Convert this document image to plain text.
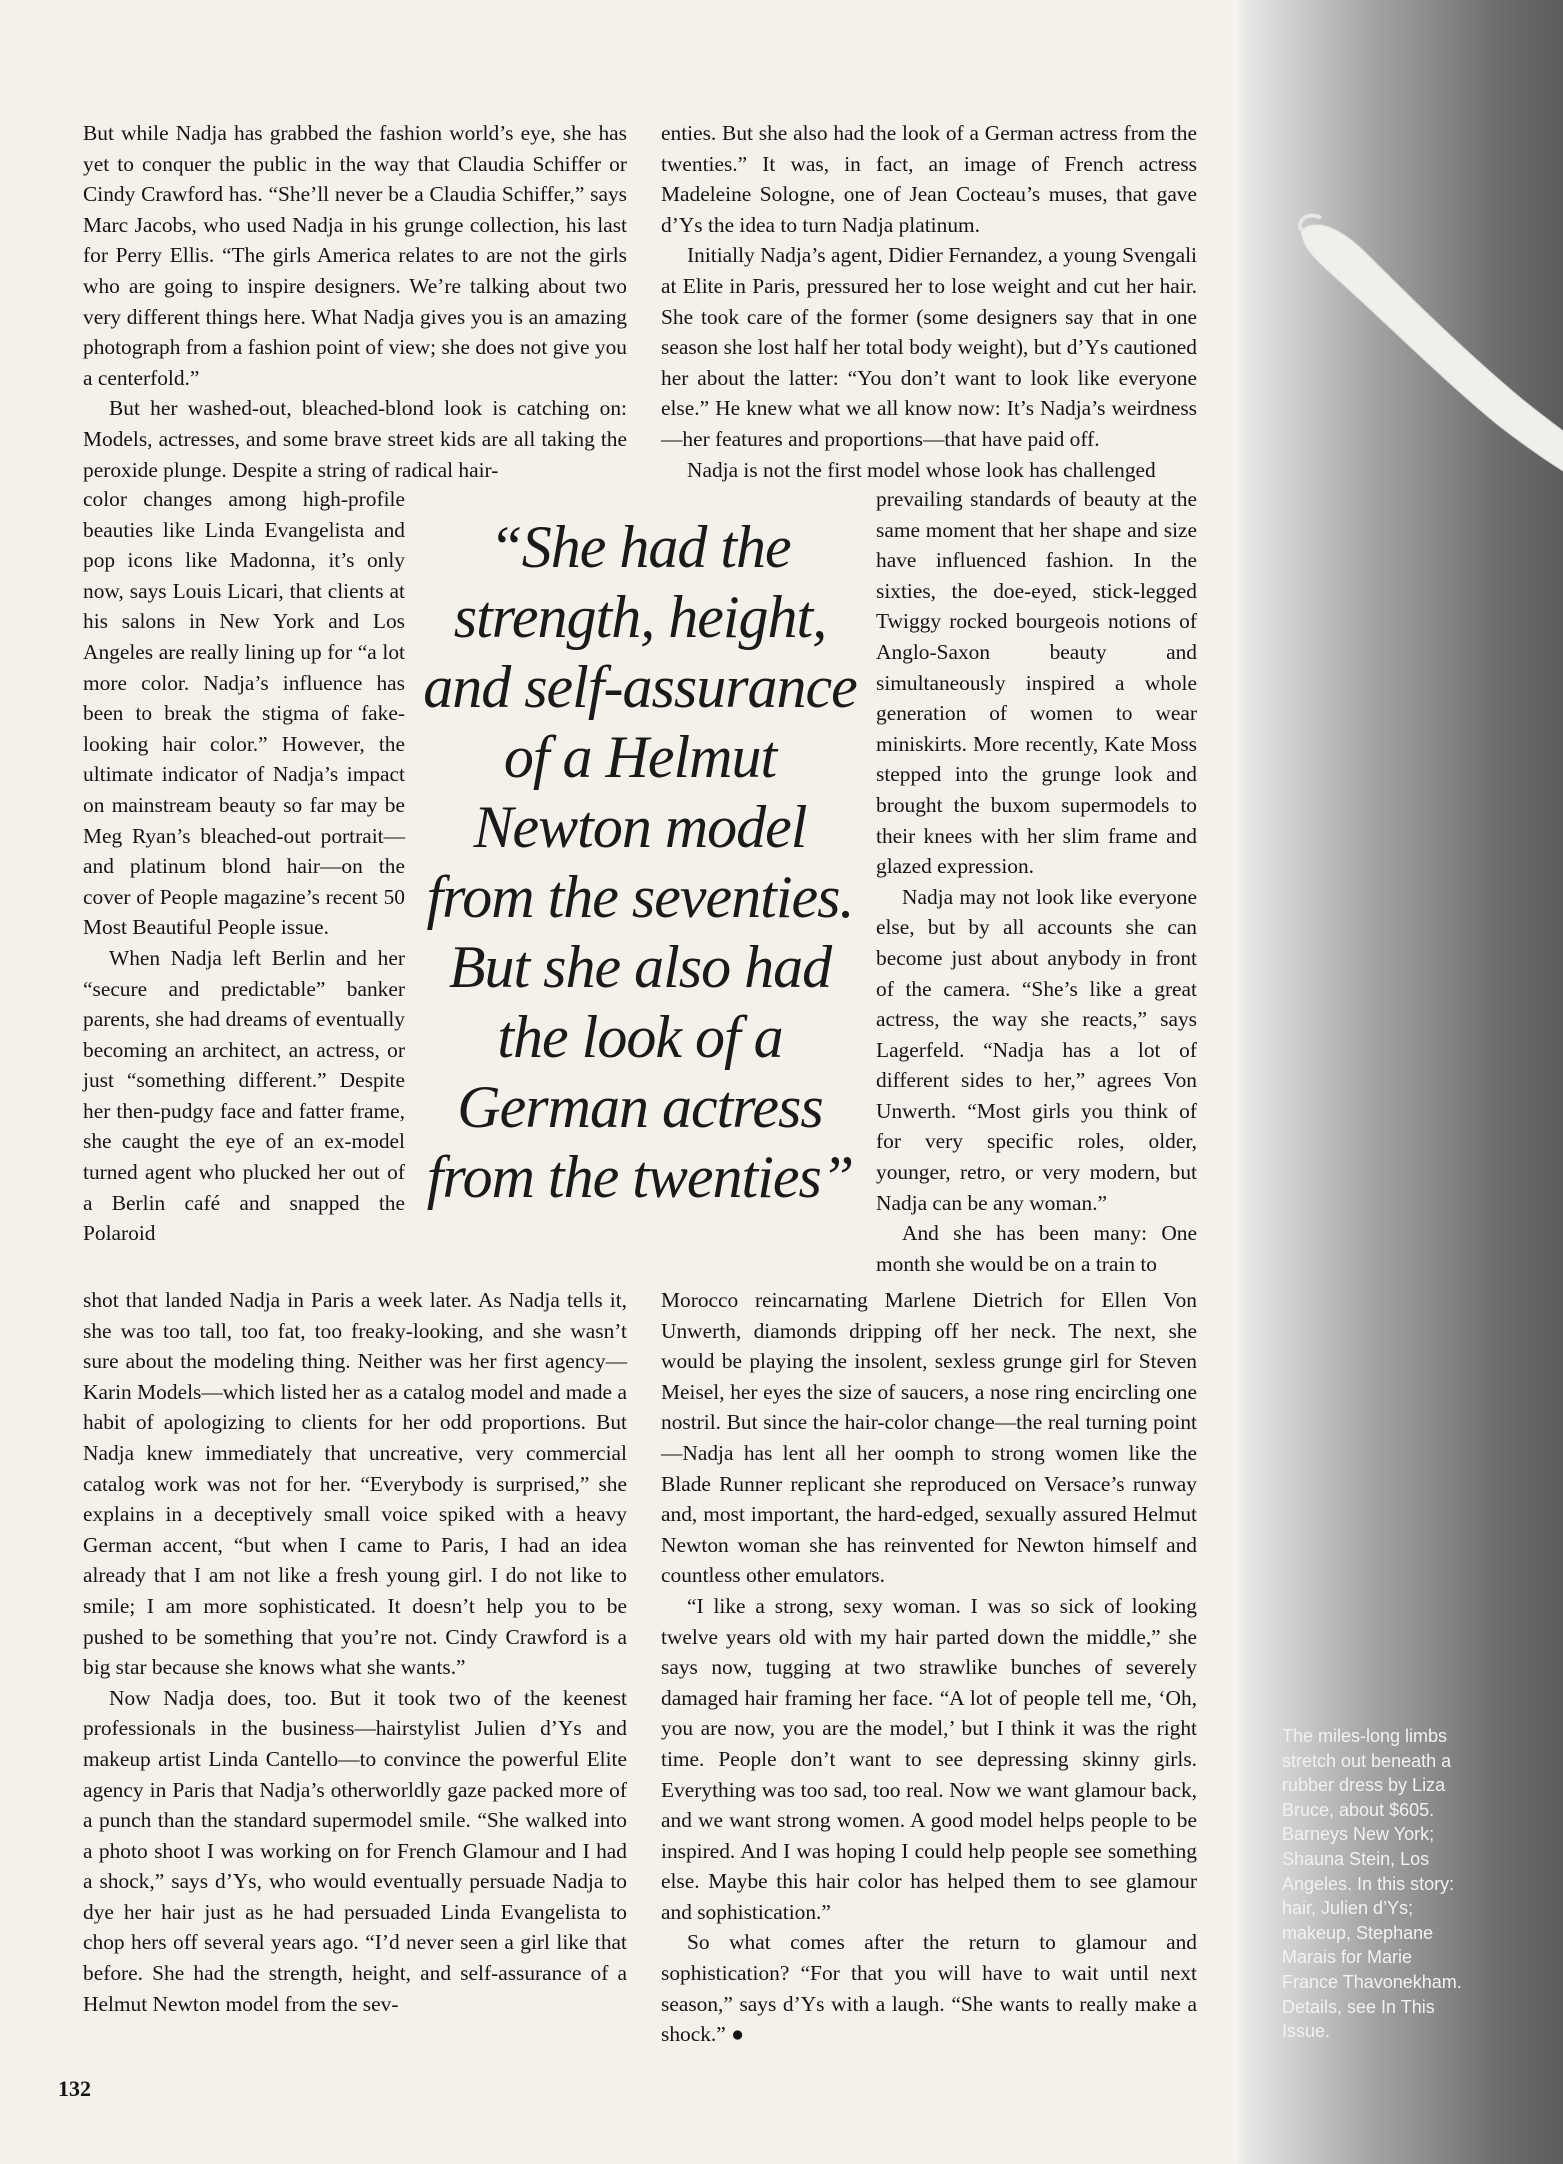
But while Nadja has grabbed the fashion world’s eye, she has yet to conquer the public in the way that Claudia Schiffer or Cindy Crawford has. “She’ll never be a Claudia Schiffer,” says Marc Jacobs, who used Nadja in his grunge collection, his last for Perry Ellis. “The girls America relates to are not the girls who are going to inspire designers. We’re talking about two very different things here. What Nadja gives you is an amazing photograph from a fashion point of view; she does not give you a centerfold.”

But her washed-out, bleached-blond look is catching on: Models, actresses, and some brave street kids are all taking the peroxide plunge. Despite a string of radical hair-

color changes among high-profile beauties like Linda Evangelista and pop icons like Madonna, it’s only now, says Louis Licari, that clients at his salons in New York and Los Angeles are really lining up for “a lot more color. Nadja’s influence has been to break the stigma of fake-looking hair color.” However, the ultimate indicator of Nadja’s impact on mainstream beauty so far may be Meg Ryan’s bleached-out portrait—and platinum blond hair—on the cover of People magazine’s recent 50 Most Beautiful People issue.

When Nadja left Berlin and her “secure and predictable” banker parents, she had dreams of eventually becoming an architect, an actress, or just “something different.” Despite her then-pudgy face and fatter frame, she caught the eye of an ex-model turned agent who plucked her out of a Berlin café and snapped the Polaroid

shot that landed Nadja in Paris a week later. As Nadja tells it, she was too tall, too fat, too freaky-looking, and she wasn’t sure about the modeling thing. Neither was her first agency—Karin Models—which listed her as a catalog model and made a habit of apologizing to clients for her odd proportions. But Nadja knew immediately that uncreative, very commercial catalog work was not for her. “Everybody is surprised,” she explains in a deceptively small voice spiked with a heavy German accent, “but when I came to Paris, I had an idea already that I am not like a fresh young girl. I do not like to smile; I am more sophisticated. It doesn’t help you to be pushed to be something that you’re not. Cindy Crawford is a big star because she knows what she wants.”

Now Nadja does, too. But it took two of the keenest professionals in the business—hairstylist Julien d’Ys and makeup artist Linda Cantello—to convince the powerful Elite agency in Paris that Nadja’s otherworldly gaze packed more of a punch than the standard supermodel smile. “She walked into a photo shoot I was working on for French Glamour and I had a shock,” says d’Ys, who would eventually persuade Nadja to dye her hair just as he had persuaded Linda Evangelista to chop hers off several years ago. “I’d never seen a girl like that before. She had the strength, height, and self-assurance of a Helmut Newton model from the sev-

enties. But she also had the look of a German actress from the twenties.” It was, in fact, an image of French actress Madeleine Sologne, one of Jean Cocteau’s muses, that gave d’Ys the idea to turn Nadja platinum.

Initially Nadja’s agent, Didier Fernandez, a young Svengali at Elite in Paris, pressured her to lose weight and cut her hair. She took care of the former (some designers say that in one season she lost half her total body weight), but d’Ys cautioned her about the latter: “You don’t want to look like everyone else.” He knew what we all know now: It’s Nadja’s weirdness—her features and proportions—that have paid off.

Nadja is not the first model whose look has challenged

prevailing standards of beauty at the same moment that her shape and size have influenced fashion. In the sixties, the doe-eyed, stick-legged Twiggy rocked bourgeois notions of Anglo-Saxon beauty and simultaneously inspired a whole generation of women to wear miniskirts. More recently, Kate Moss stepped into the grunge look and brought the buxom supermodels to their knees with her slim frame and glazed expression.

Nadja may not look like everyone else, but by all accounts she can become just about anybody in front of the camera. “She’s like a great actress, the way she reacts,” says Lagerfeld. “Nadja has a lot of different sides to her,” agrees Von Unwerth. “Most girls you think of for very specific roles, older, younger, retro, or very modern, but Nadja can be any woman.”

And she has been many: One month she would be on a train to

Morocco reincarnating Marlene Dietrich for Ellen Von Unwerth, diamonds dripping off her neck. The next, she would be playing the insolent, sexless grunge girl for Steven Meisel, her eyes the size of saucers, a nose ring encircling one nostril. But since the hair-color change—the real turning point—Nadja has lent all her oomph to strong women like the Blade Runner replicant she reproduced on Versace’s runway and, most important, the hard-edged, sexually assured Helmut Newton woman she has reinvented for Newton himself and countless other emulators.

“I like a strong, sexy woman. I was so sick of looking twelve years old with my hair parted down the middle,” she says now, tugging at two strawlike bunches of severely damaged hair framing her face. “A lot of people tell me, ‘Oh, you are now, you are the model,’ but I think it was the right time. People don’t want to see depressing skinny girls. Everything was too sad, too real. Now we want glamour back, and we want strong women. A good model helps people to be inspired. And I was hoping I could help people see something else. Maybe this hair color has helped them to see glamour and sophistication.”

So what comes after the return to glamour and sophistication? “For that you will have to wait until next season,” says d’Ys with a laugh. “She wants to really make a shock.” ●

“She had the strength, height, and self-assurance of a Helmut Newton model from the seventies. But she also had the look of a German actress from the twenties”
The miles-long limbs stretch out beneath a rubber dress by Liza Bruce, about $605. Barneys New York; Shauna Stein, Los Angeles. In this story: hair, Julien d’Ys; makeup, Stephane Marais for Marie France Thavonekham. Details, see In This Issue.
132
